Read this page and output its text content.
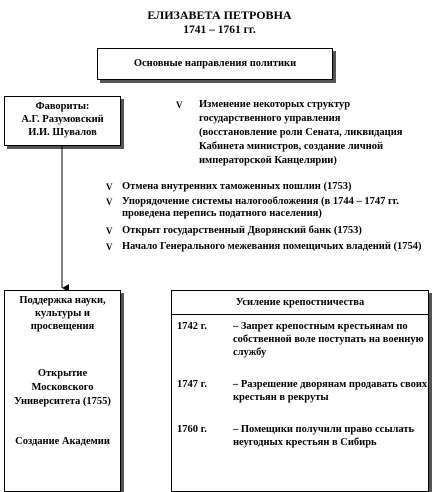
ЕЛИЗАВЕТА ПЕТРОВНА
1741 – 1761 гг.
Основные направления политики
Фавориты:
А.Г. Разумовский
И.И. Шувалов
V Изменение некоторых структур государственного управления (восстановление роли Сената, ликвидация Кабинета министров, создание личной императорской Канцелярии)
V Отмена внутренних таможенных пошлин (1753)
V Упорядочение системы налогообложения (в 1744 – 1747 гг. проведена перепись податного населения)
V Открыт государственный Дворянский банк (1753)
V Начало Генерального межевания помещичьих владений (1754)
Поддержка науки, культуры и просвещения
Открытие Московского Университета (1755)
Создание Академии
Усиление крепостничества
1742 г. – Запрет крепостным крестьянам по собственной воле поступать на военную службу
1747 г. – Разрешение дворянам продавать своих крестьян в рекруты
1760 г. – Помещики получили право ссылать неугодных крестьян в Сибирь
